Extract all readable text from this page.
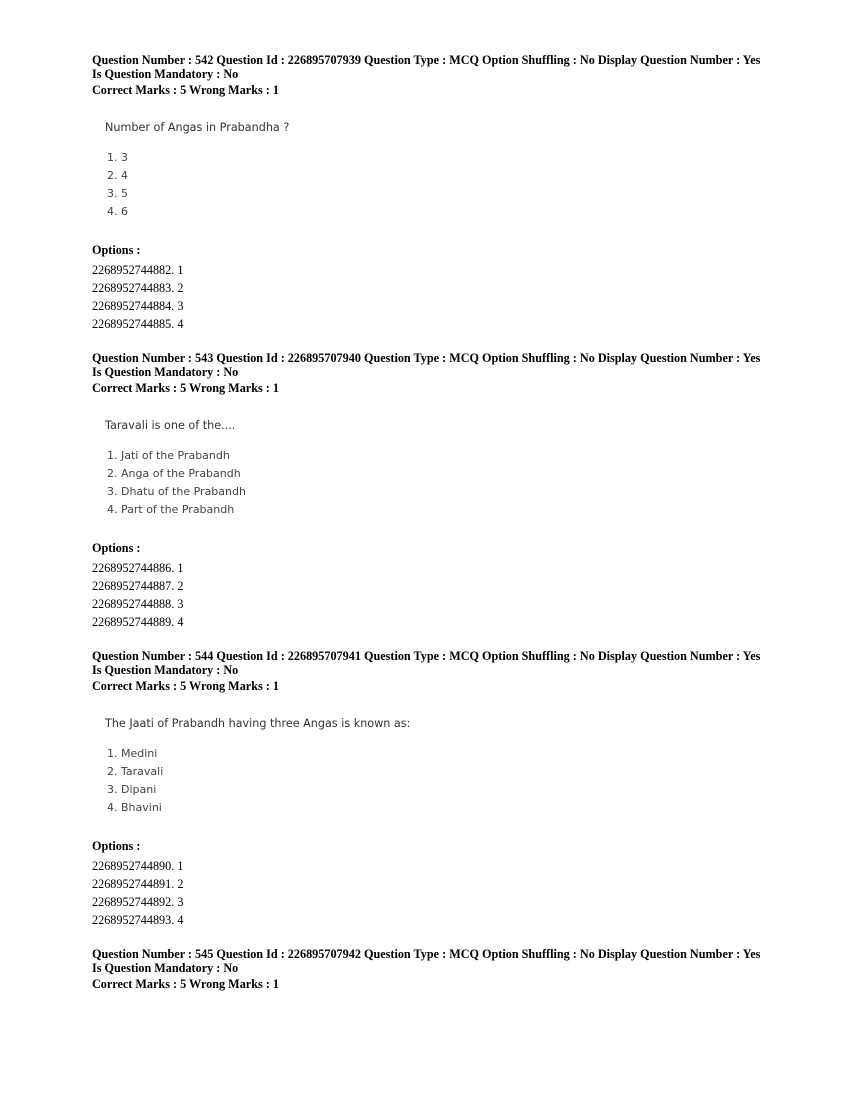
Question Number : 542 Question Id : 226895707939 Question Type : MCQ Option Shuffling : No Display Question Number : Yes Is Question Mandatory : No

Correct Marks : 5 Wrong Marks : 1

Number of Angas in Prabandha ?
1. 3
2. 4
3. 5
4. 6
Options :
2268952744882. 1
2268952744883. 2
2268952744884. 3
2268952744885. 4

Question Number : 543 Question Id : 226895707940 Question Type : MCQ Option Shuffling : No Display Question Number : Yes Is Question Mandatory : No

Correct Marks : 5 Wrong Marks : 1

Taravali is one of the....
1. Jati of the Prabandh
2. Anga of the Prabandh
3. Dhatu of the Prabandh
4. Part of the Prabandh
Options :
2268952744886. 1
2268952744887. 2
2268952744888. 3
2268952744889. 4

Question Number : 544 Question Id : 226895707941 Question Type : MCQ Option Shuffling : No Display Question Number : Yes Is Question Mandatory : No

Correct Marks : 5 Wrong Marks : 1

The Jaati of Prabandh having three Angas is known as:
1. Medini
2. Taravali
3. Dipani
4. Bhavini
Options :
2268952744890. 1
2268952744891. 2
2268952744892. 3
2268952744893. 4

Question Number : 545 Question Id : 226895707942 Question Type : MCQ Option Shuffling : No Display Question Number : Yes Is Question Mandatory : No

Correct Marks : 5 Wrong Marks : 1
